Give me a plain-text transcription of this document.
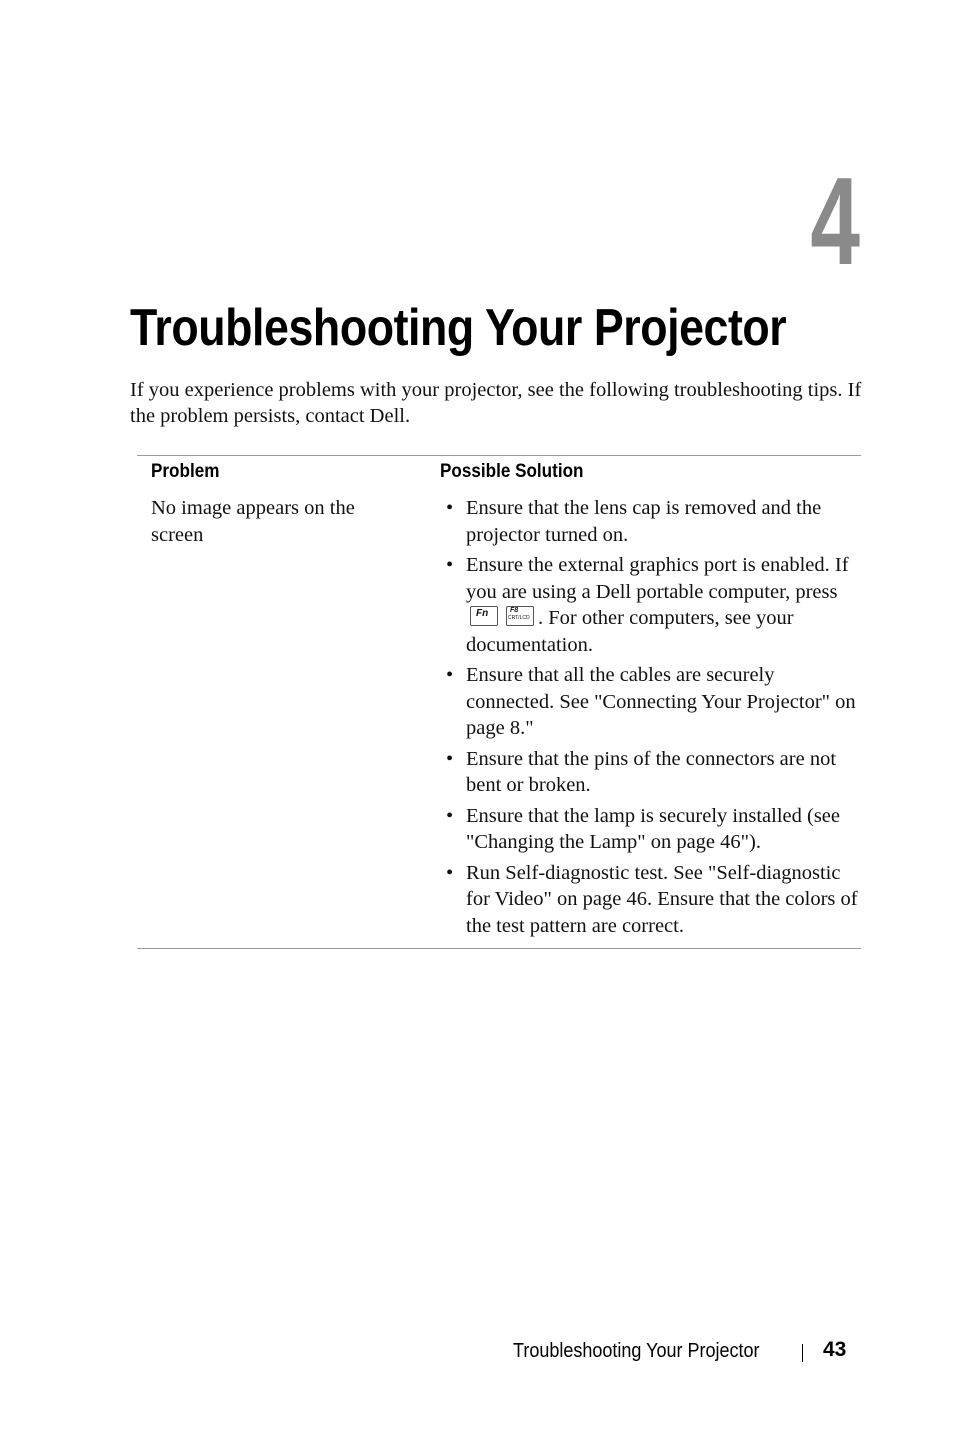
4
Troubleshooting Your Projector

If you experience problems with your projector, see the following troubleshooting tips. If the problem persists, contact Dell.

Problem	Possible Solution
No image appears on the screen
• Ensure that the lens cap is removed and the projector turned on.
• Ensure the external graphics port is enabled. If you are using a Dell portable computer, pressFnF8 CRT/LCD. For other computers, see your documentation.
• Ensure that all the cables are securely connected. See "Connecting Your Projector" on page 8."
• Ensure that the pins of the connectors are not bent or broken.
• Ensure that the lamp is securely installed (see "Changing the Lamp" on page 46").
• Run Self-diagnostic test. See "Self-diagnostic for Video" on page 46. Ensure that the colors of the test pattern are correct.
Troubleshooting Your Projector	43
